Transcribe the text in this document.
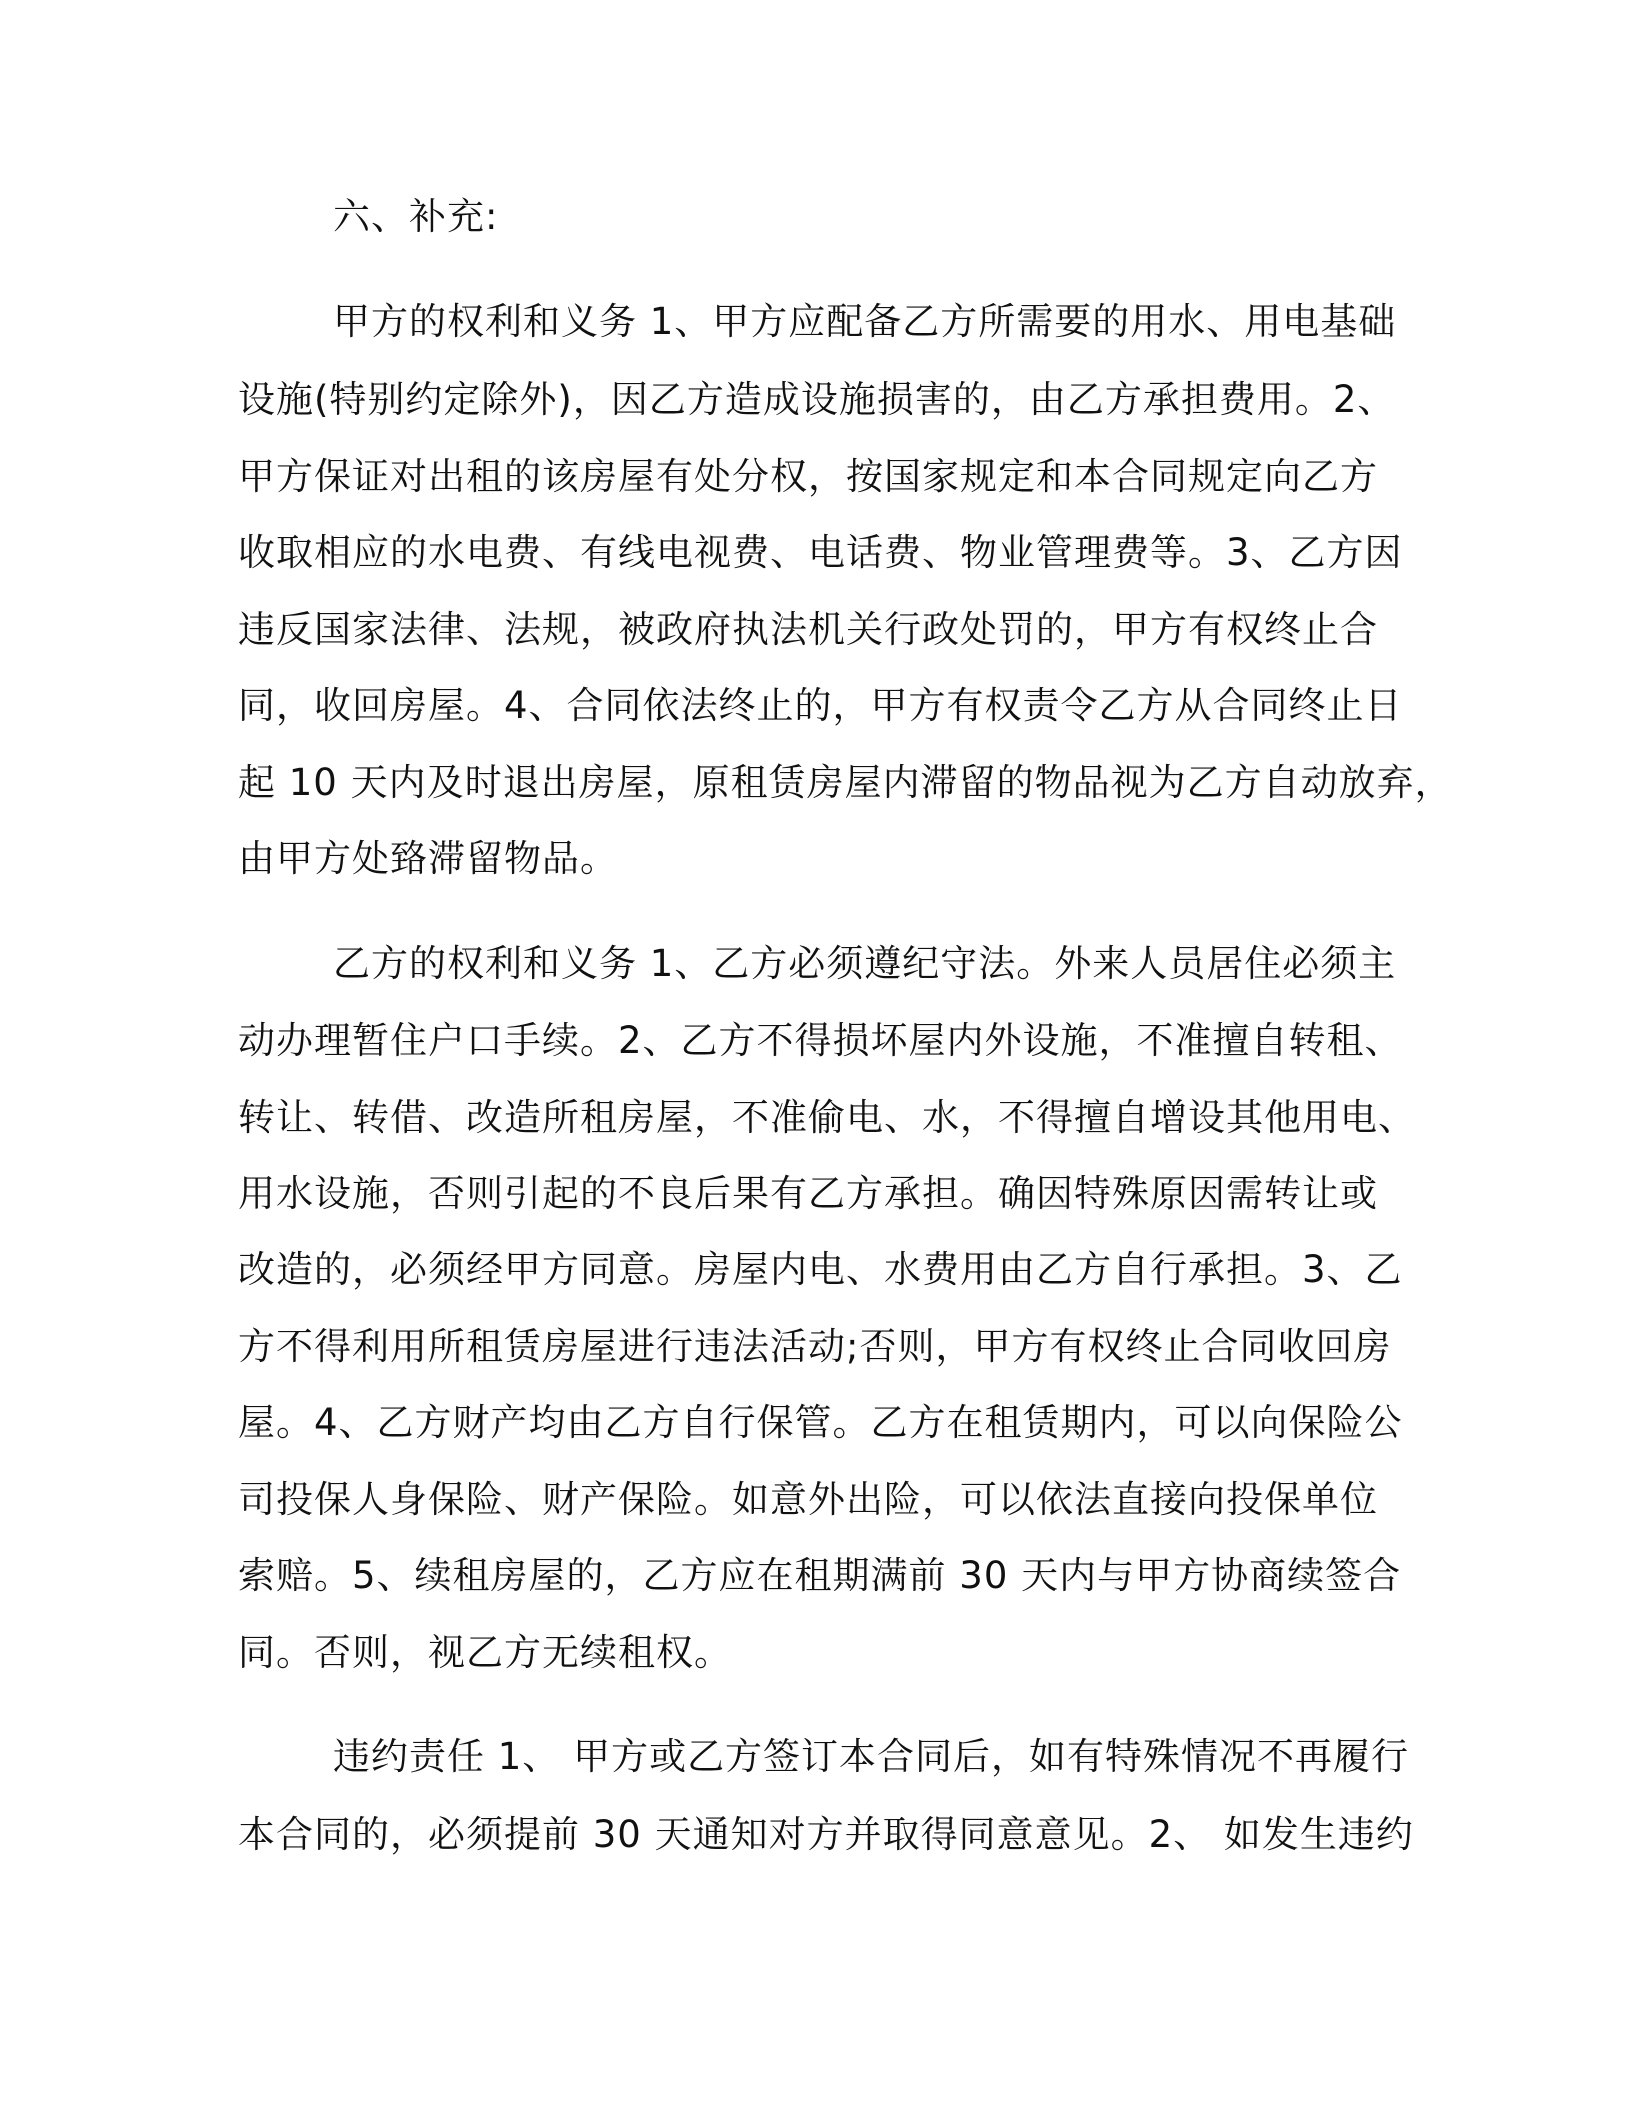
六、补充:

甲方的权利和义务 1、甲方应配备乙方所需要的用水、用电基础

设施(特别约定除外)，因乙方造成设施损害的，由乙方承担费用。2、

甲方保证对出租的该房屋有处分权，按国家规定和本合同规定向乙方

收取相应的水电费、有线电视费、电话费、物业管理费等。3、乙方因

违反国家法律、法规，被政府执法机关行政处罚的，甲方有权终止合

同，收回房屋。4、合同依法终止的，甲方有权责令乙方从合同终止日

起 10 天内及时退出房屋，原租赁房屋内滞留的物品视为乙方自动放弃，

由甲方处臵滞留物品。

乙方的权利和义务 1、乙方必须遵纪守法。外来人员居住必须主

动办理暂住户口手续。2、乙方不得损坏屋内外设施，不准擅自转租、

转让、转借、改造所租房屋，不准偷电、水，不得擅自增设其他用电、

用水设施，否则引起的不良后果有乙方承担。确因特殊原因需转让或

改造的，必须经甲方同意。房屋内电、水费用由乙方自行承担。3、乙

方不得利用所租赁房屋进行违法活动;否则，甲方有权终止合同收回房

屋。4、乙方财产均由乙方自行保管。乙方在租赁期内，可以向保险公

司投保人身保险、财产保险。如意外出险，可以依法直接向投保单位

索赔。5、续租房屋的，乙方应在租期满前 30 天内与甲方协商续签合

同。否则，视乙方无续租权。

违约责任 1、 甲方或乙方签订本合同后，如有特殊情况不再履行

本合同的，必须提前 30 天通知对方并取得同意意见。2、 如发生违约
